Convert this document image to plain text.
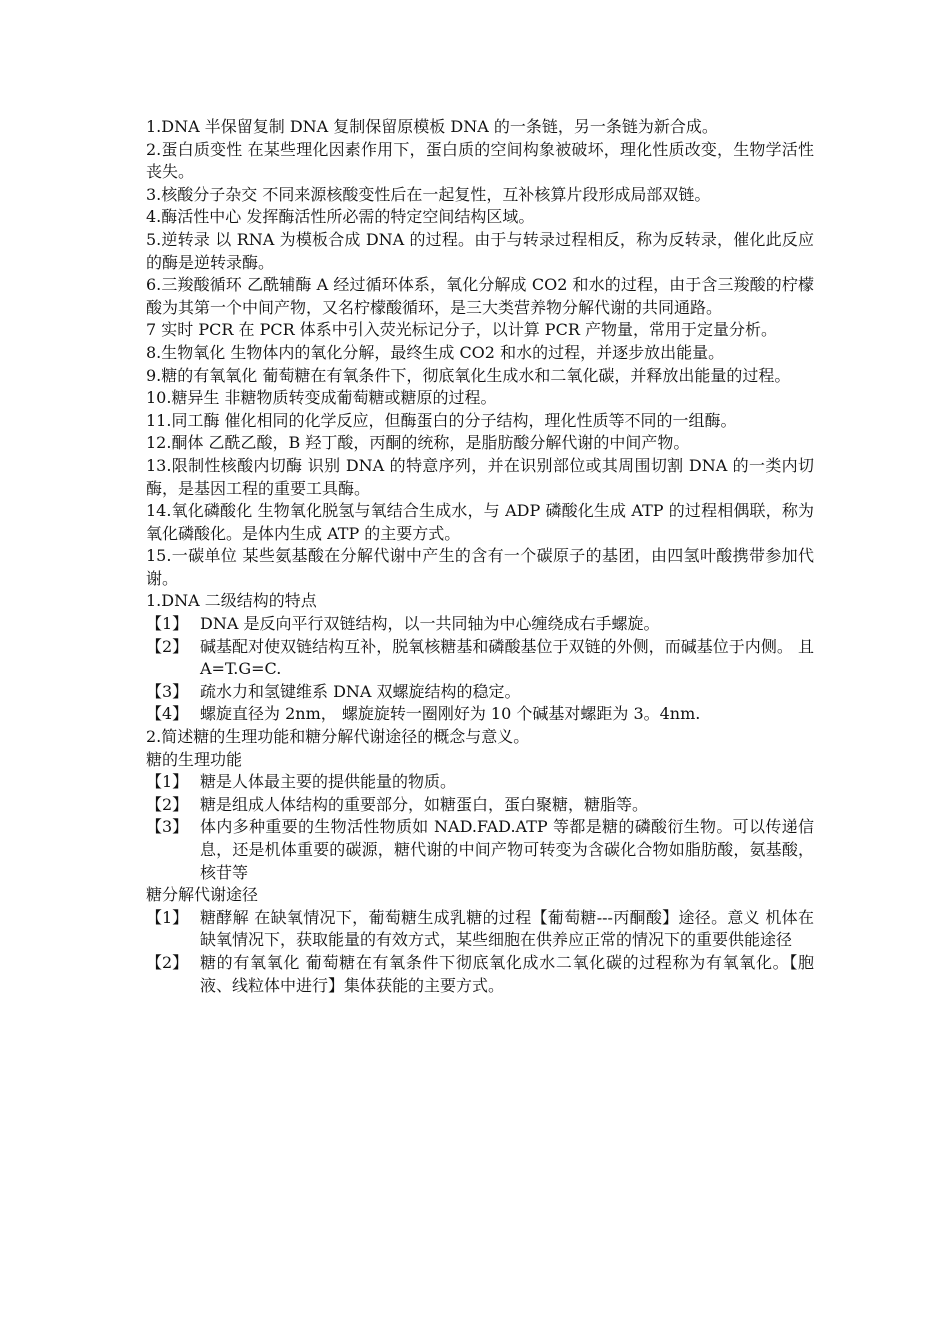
1.DNA 半保留复制 DNA 复制保留原模板 DNA 的一条链，另一条链为新合成。

2.蛋白质变性 在某些理化因素作用下，蛋白质的空间构象被破坏，理化性质改变，生物学活性丧失。

3.核酸分子杂交 不同来源核酸变性后在一起复性，互补核算片段形成局部双链。

4.酶活性中心 发挥酶活性所必需的特定空间结构区域。

5.逆转录 以 RNA 为模板合成 DNA 的过程。由于与转录过程相反，称为反转录，催化此反应的酶是逆转录酶。

6.三羧酸循环 乙酰辅酶 A 经过循环体系，氧化分解成 CO2 和水的过程，由于含三羧酸的柠檬酸为其第一个中间产物，又名柠檬酸循环，是三大类营养物分解代谢的共同通路。

7 实时 PCR 在 PCR 体系中引入荧光标记分子，以计算 PCR 产物量，常用于定量分析。

8.生物氧化 生物体内的氧化分解，最终生成 CO2 和水的过程，并逐步放出能量。

9.糖的有氧氧化 葡萄糖在有氧条件下，彻底氧化生成水和二氧化碳，并释放出能量的过程。

10.糖异生 非糖物质转变成葡萄糖或糖原的过程。

11.同工酶 催化相同的化学反应，但酶蛋白的分子结构，理化性质等不同的一组酶。

12.酮体 乙酰乙酸，B 羟丁酸，丙酮的统称，是脂肪酸分解代谢的中间产物。

13.限制性核酸内切酶 识别 DNA 的特意序列，并在识别部位或其周围切割 DNA 的一类内切酶，是基因工程的重要工具酶。

14.氧化磷酸化 生物氧化脱氢与氧结合生成水，与 ADP 磷酸化生成 ATP 的过程相偶联，称为氧化磷酸化。是体内生成 ATP 的主要方式。

15.一碳单位 某些氨基酸在分解代谢中产生的含有一个碳原子的基团，由四氢叶酸携带参加代谢。

1.DNA 二级结构的特点

【1】 DNA 是反向平行双链结构，以一共同轴为中心缠绕成右手螺旋。
【2】 碱基配对使双链结构互补，脱氧核糖基和磷酸基位于双链的外侧，而碱基位于内侧。 且 A=T.G=C.
【3】 疏水力和氢键维系 DNA 双螺旋结构的稳定。
【4】 螺旋直径为 2nm， 螺旋旋转一圈刚好为 10 个碱基对螺距为 3。4nm.

2.简述糖的生理功能和糖分解代谢途径的概念与意义。

糖的生理功能

【1】 糖是人体最主要的提供能量的物质。
【2】 糖是组成人体结构的重要部分，如糖蛋白，蛋白聚糖，糖脂等。
【3】 体内多种重要的生物活性物质如 NAD.FAD.ATP 等都是糖的磷酸衍生物。可以传递信息，还是机体重要的碳源，糖代谢的中间产物可转变为含碳化合物如脂肪酸，氨基酸，核苷等

糖分解代谢途径

【1】 糖酵解 在缺氧情况下，葡萄糖生成乳糖的过程【葡萄糖---丙酮酸】途径。意义 机体在缺氧情况下，获取能量的有效方式，某些细胞在供养应正常的情况下的重要供能途径
【2】 糖的有氧氧化 葡萄糖在有氧条件下彻底氧化成水二氧化碳的过程称为有氧氧化。【胞液、线粒体中进行】集体获能的主要方式。
